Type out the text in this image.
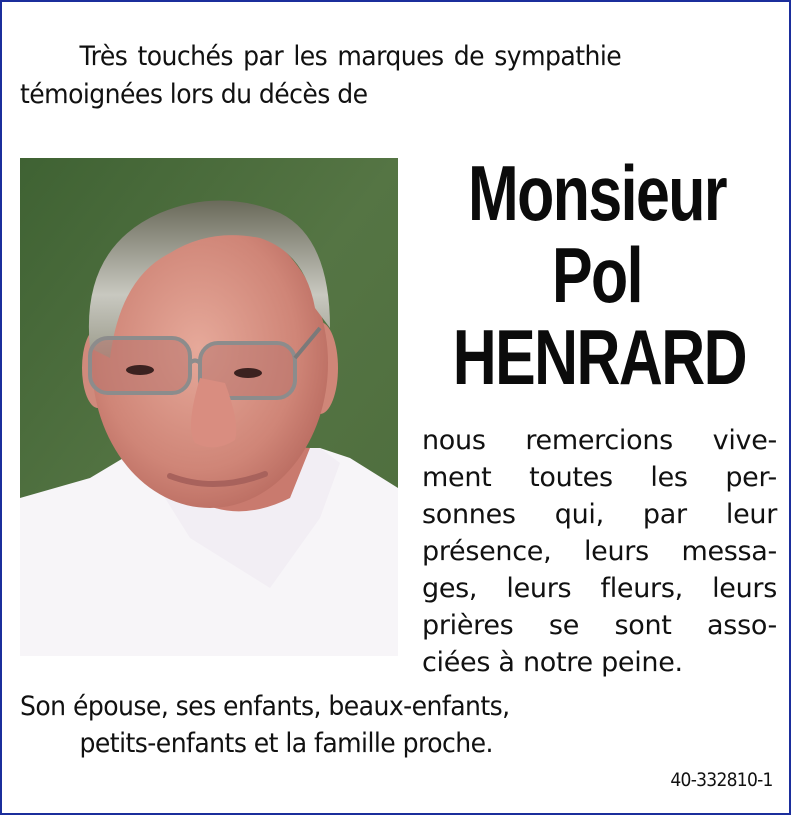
Très touchés par les marques de sympathie
témoignées lors du décès de
Monsieur
Pol
HENRARD
nous remercions vive-
ment toutes les per-
sonnes qui, par leur
présence, leurs messa-
ges, leurs fleurs, leurs
prières se sont asso-
ciées à notre peine.
Son épouse, ses enfants, beaux-enfants,
petits-enfants et la famille proche.
40-332810-1
